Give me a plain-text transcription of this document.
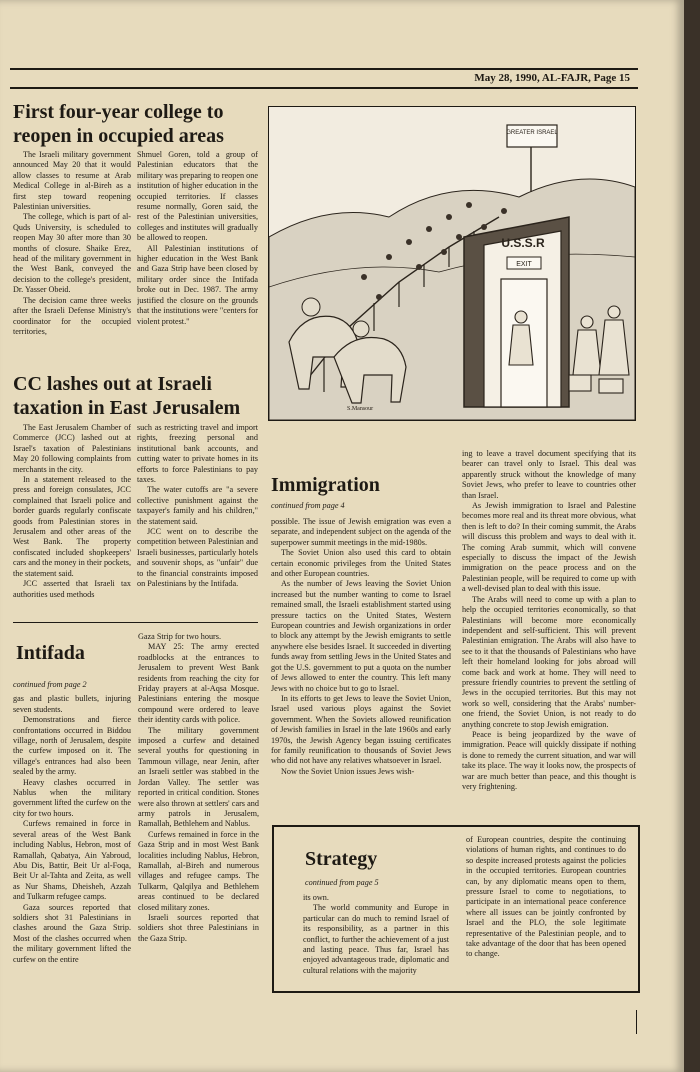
May 28, 1990, AL-FAJR, Page 15
First four-year college to reopen in occupied areas

The Israeli military government announced May 20 that it would allow classes to resume at Arab Medical College in al-Bireh as a first step toward reopening Palestinian universities.

The college, which is part of al-Quds University, is scheduled to reopen May 30 after more than 30 months of closure. Shaike Erez, head of the military government in the West Bank, conveyed the decision to the college's president, Dr. Yasser Obeid.

The decision came three weeks after the Israeli Defense Ministry's coordinator for the occupied territories,

Shmuel Goren, told a group of Palestinian educators that the military was preparing to reopen one institution of higher education in the occupied territories. If classes resume normally, Goren said, the rest of the Palestinian universities, colleges and institutes will gradually be allowed to reopen.

All Palestinian institutions of higher education in the West Bank and Gaza Strip have been closed by military order since the Intifada broke out in Dec. 1987. The army justified the closure on the grounds that the institutions were "centers for violent protest."

GREATER ISRAEL
U.S.S.R
EXIT
S.Mansour
CC lashes out at Israeli taxation in East Jerusalem

The East Jerusalem Chamber of Commerce (JCC) lashed out at Israel's taxation of Palestinians May 20 following complaints from merchants in the city.

In a statement released to the press and foreign consulates, JCC complained that Israeli police and border guards regularly confiscate goods from Palestinian stores in Jerusalem and other areas of the West Bank. The property confiscated included shopkeepers' cars and the money in their pockets, the statement said.

JCC asserted that Israeli tax authorities used methods

such as restricting travel and import rights, freezing personal and institutional bank accounts, and cutting water to private homes in its efforts to force Palestinians to pay taxes.

The water cutoffs are "a severe collective punishment against the taxpayer's family and his children," the statement said.

JCC went on to describe the competition between Palestinian and Israeli businesses, particularly hotels and souvenir shops, as "unfair" due to the financial constraints imposed on Palestinians by the Intifada.

Intifada

continued from page 2

gas and plastic bullets, injuring seven students.

Demonstrations and fierce confrontations occurred in Biddou village, north of Jerusalem, despite the curfew imposed on it. The village's entrances had also been sealed by the army.

Heavy clashes occurred in Nablus when the military government lifted the curfew on the city for two hours.

Curfews remained in force in several areas of the West Bank including Nablus, Hebron, most of Ramallah, Qabatya, Ain Yabroud, Abu Dis, Battir, Beit Ur al-Foqa, Beit Ur al-Tahta and Zeita, as well as Nur Shams, Dheisheh, Azzah and Tulkarm refugee camps.

Gaza sources reported that soldiers shot 31 Palestinians in clashes around the Gaza Strip. Most of the clashes occurred when the military government lifted the curfew on the entire

Gaza Strip for two hours.

MAY 25: The army erected roadblocks at the entrances to Jerusalem to prevent West Bank residents from reaching the city for Friday prayers at al-Aqsa Mosque. Palestinians entering the mosque compound were ordered to leave their identity cards with police.

The military government imposed a curfew and detained several youths for questioning in Tammoun village, near Jenin, after an Israeli settler was stabbed in the Jordan Valley. The settler was reported in critical condition. Stones were also thrown at settlers' cars and army patrols in Jerusalem, Ramallah, Bethlehem and Nablus.

Curfews remained in force in the Gaza Strip and in most West Bank localities including Nablus, Hebron, Ramallah, al-Bireh and numerous villages and refugee camps. The Tulkarm, Qalqilya and Bethlehem areas continued to be declared closed military zones.

Israeli sources reported that soldiers shot three Palestinians in the Gaza Strip.

Immigration
continued from page 4

possible. The issue of Jewish emigration was even a separate, and independent subject on the agenda of the superpower summit meetings in the mid-1980s.

The Soviet Union also used this card to obtain certain economic privileges from the United States and other European countries.

As the number of Jews leaving the Soviet Union increased but the number wanting to come to Israel remained small, the Israeli establishment started using pressure tactics on the United States, Western European countries and Jewish organizations in order to block any attempt by the Jewish emigrants to settle anywhere else besides Israel. It succeeded in diverting funds away from settling Jews in the United States and got the U.S. government to put a quota on the number of Jews allowed to enter the country. This left many Jews with no choice but to go to Israel.

In its efforts to get Jews to leave the Soviet Union, Israel used various ploys against the Soviet government. When the Soviets allowed reunification of Jewish families in Israel in the late 1960s and early 1970s, the Jewish Agency began issuing certificates for family reunification to thousands of Soviet Jews who did not have any relatives whatsoever in Israel.

Now the Soviet Union issues Jews wish-

ing to leave a travel document specifying that its bearer can travel only to Israel. This deal was apparently struck without the knowledge of many Soviet Jews, who prefer to leave to countries other than Israel.

As Jewish immigration to Israel and Palestine becomes more real and its threat more obvious, what then is left to do? In their coming summit, the Arabs will discuss this problem and ways to deal with it. The coming Arab summit, which will convene especially to discuss the impact of the Jewish immigration on the peace process and on the Palestinian people, will be required to come up with a well-devised plan to deal with this issue.

The Arabs will need to come up with a plan to help the occupied territories economically, so that Palestinians will become more economically independent and self-sufficient. This will prevent Palestinian emigration. The Arabs will also have to see to it that the thousands of Palestinians who have left their homeland looking for jobs abroad will come back and work at home. They will need to pressure friendly countries to prevent the settling of Jews in the occupied territories. But this may not work so well, considering that the Arabs' number-one friend, the Soviet Union, is not ready to do anything concrete to stop Jewish emigration.

Peace is being jeopardized by the wave of immigration. Peace will quickly dissipate if nothing is done to remedy the current situation, and war will take its place. The way it looks now, the prospects of war are much better than peace, and this thought is very frightening.

Strategy
continued from page 5

its own.

The world community and Europe in particular can do much to remind Israel of its responsibility, as a partner in this conflict, to further the achievement of a just and lasting peace. Thus far, Israel has enjoyed advantageous trade, diplomatic and cultural relations with the majority

of European countries, despite the continuing violations of human rights, and continues to do so despite increased protests against the policies in the occupied territories. European countries can, by any diplomatic means open to them, pressure Israel to come to negotiations, to participate in an international peace conference where all issues can be jointly confronted by Israel and the PLO, the sole legitimate representative of the Palestinian people, and to take advantage of the door that has been opened to change.
